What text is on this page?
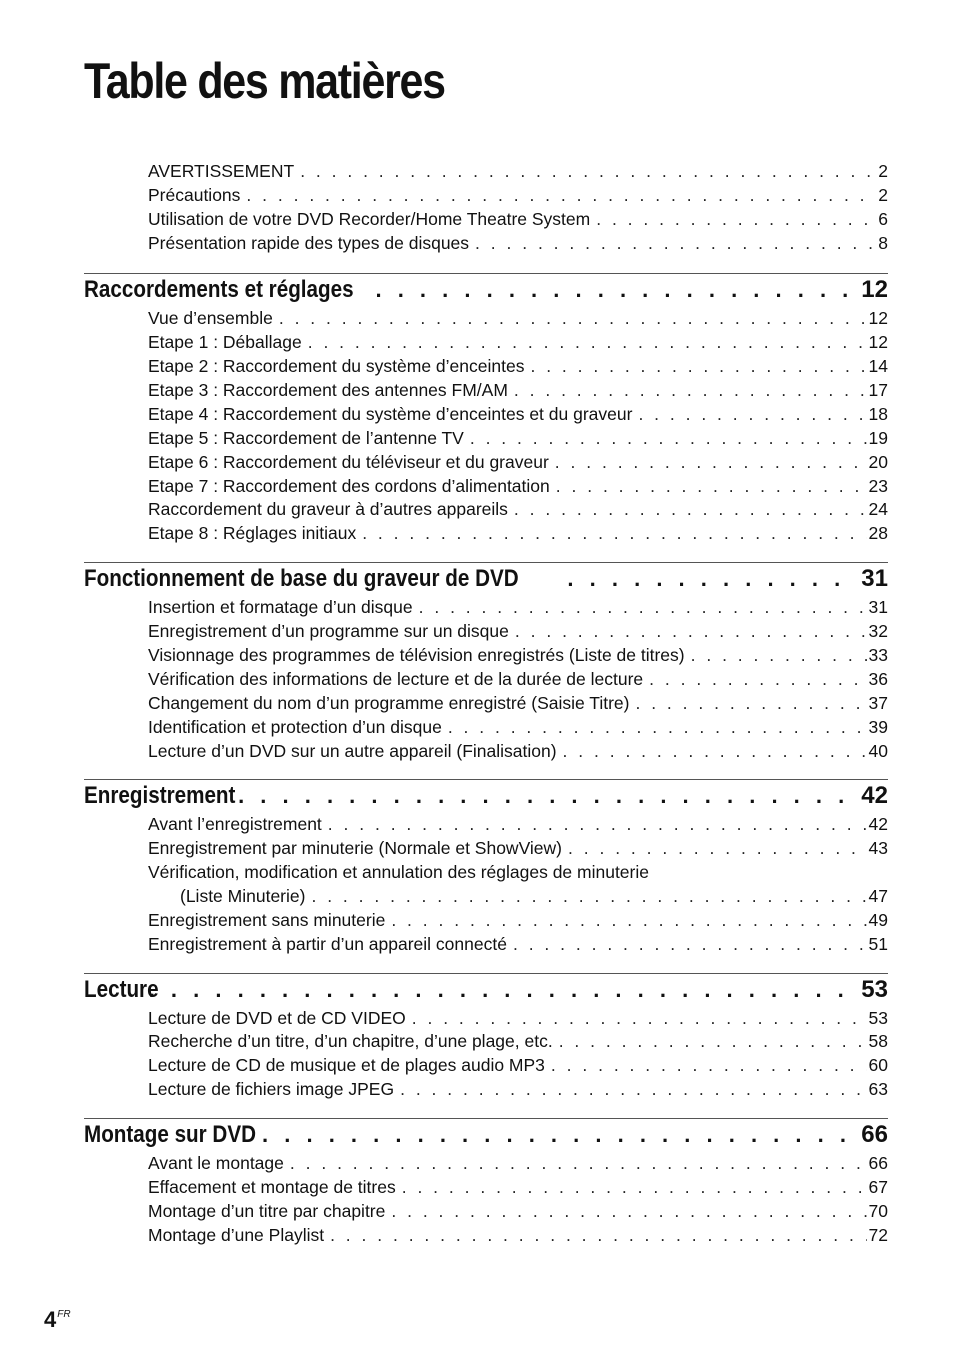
Table des matières
AVERTISSEMENT . . .	2
Précautions . . .	2
Utilisation de votre DVD Recorder/Home Theatre System . . .	6
Présentation rapide des types de disques . . .	8
Raccordements et réglages . . .	12
Vue d’ensemble . . .	12
Etape 1 : Déballage . . .	12
Etape 2 : Raccordement du système d’enceintes . . .	14
Etape 3 : Raccordement des antennes FM/AM . . .	17
Etape 4 : Raccordement du système d’enceintes et du graveur . . .	18
Etape 5 : Raccordement de l’antenne TV . . .	19
Etape 6 : Raccordement du téléviseur et du graveur . . .	20
Etape 7 : Raccordement des cordons d’alimentation . . .	23
Raccordement du graveur à d’autres appareils . . .	24
Etape 8 : Réglages initiaux . . .	28
Fonctionnement de base du graveur de DVD . . .	31
Insertion et formatage d’un disque . . .	31
Enregistrement d’un programme sur un disque . . .	32
Visionnage des programmes de télévision enregistrés (Liste de titres) . . .	33
Vérification des informations de lecture et de la durée de lecture . . .	36
Changement du nom d’un programme enregistré (Saisie Titre) . . .	37
Identification et protection d’un disque . . .	39
Lecture d’un DVD sur un autre appareil (Finalisation) . . .	40
Enregistrement . . .	42
Avant l’enregistrement . . .	42
Enregistrement par minuterie (Normale et ShowView) . . .	43
Vérification, modification et annulation des réglages de minuterie
(Liste Minuterie) . . .	47
Enregistrement sans minuterie . . .	49
Enregistrement à partir d’un appareil connecté . . .	51
Lecture . . .	53
Lecture de DVD et de CD VIDEO . . .	53
Recherche d’un titre, d’un chapitre, d’une plage, etc. . . .	58
Lecture de CD de musique et de plages audio MP3 . . .	60
Lecture de fichiers image JPEG . . .	63
Montage sur DVD . . .	66
Avant le montage . . .	66
Effacement et montage de titres . . .	67
Montage d’un titre par chapitre . . .	70
Montage d’une Playlist . . .	72
$4^{FR}$
